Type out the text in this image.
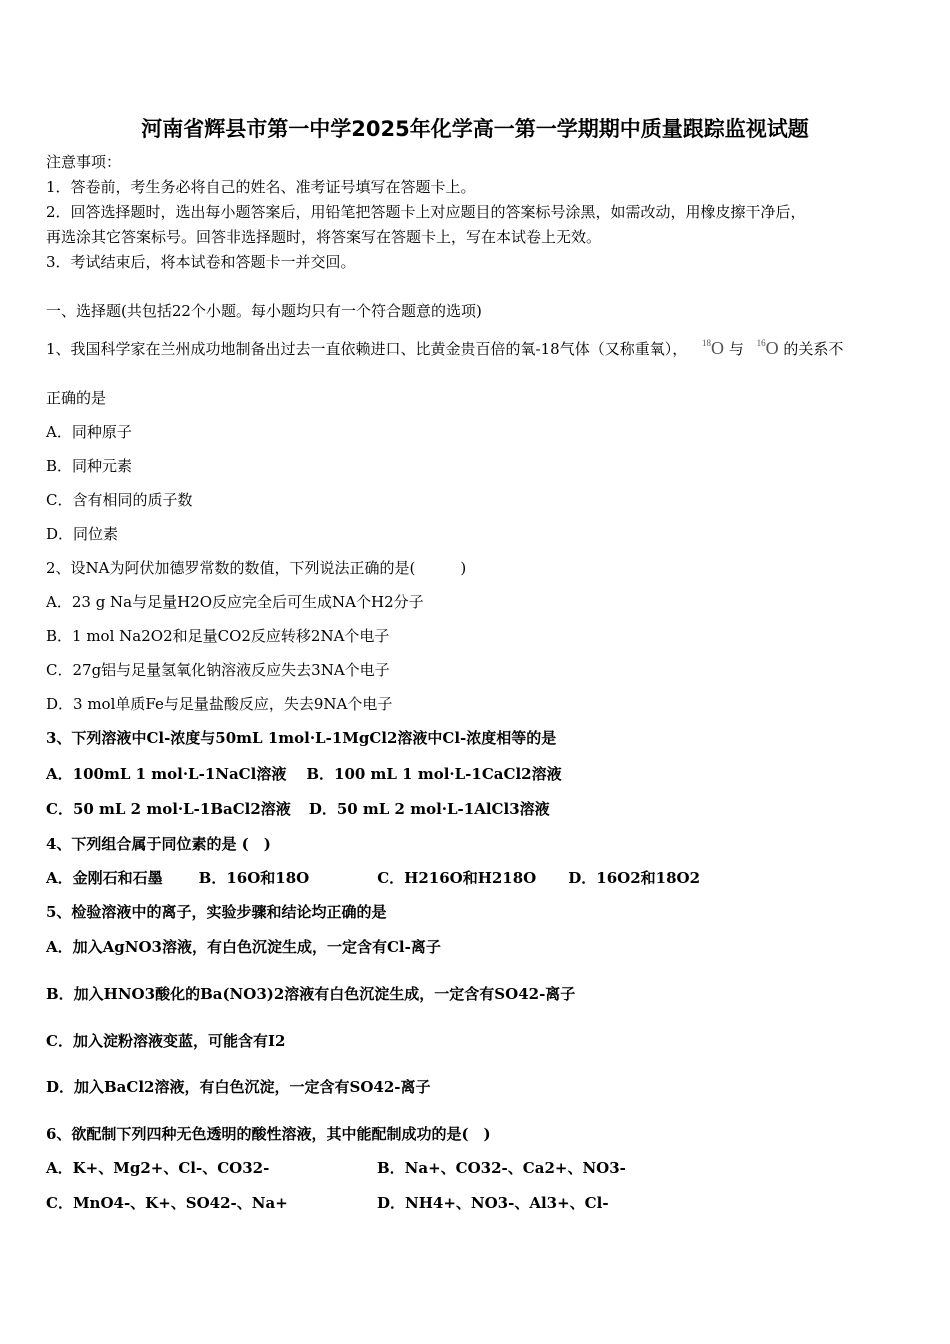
河南省辉县市第一中学2025年化学高一第一学期期中质量跟踪监视试题
注意事项：
1．答卷前，考生务必将自己的姓名、准考证号填写在答题卡上。
2．回答选择题时，选出每小题答案后，用铅笔把答题卡上对应题目的答案标号涂黑，如需改动，用橡皮擦干净后，
再选涂其它答案标号。回答非选择题时，将答案写在答题卡上，写在本试卷上无效。
3．考试结束后，将本试卷和答题卡一并交回。
一、选择题(共包括22个小题。每小题均只有一个符合题意的选项)
1、我国科学家在兰州成功地制备出过去一直依赖进口、比黄金贵百倍的氧-18气体（又称重氧）， $^{18}$O 与 $^{16}$O 的关系不
正确的是
A．同种原子
B．同种元素
C．含有相同的质子数
D．同位素
2、设NA为阿伏加德罗常数的数值，下列说法正确的是(　　　)
A．23 g Na与足量H2O反应完全后可生成NA个H2分子
B．1 mol Na2O2和足量CO2反应转移2NA个电子
C．27g铝与足量氢氧化钠溶液反应失去3NA个电子
D．3 mol单质Fe与足量盐酸反应，失去9NA个电子
3、下列溶液中Cl-浓度与50mL 1mol·L-1MgCl2溶液中Cl-浓度相等的是
A．100mL 1 mol·L-1NaCl溶液 B．100 mL 1 mol·L-1CaCl2溶液
C．50 mL 2 mol·L-1BaCl2溶液 D．50 mL 2 mol·L-1AlCl3溶液
4、下列组合属于同位素的是 (　)
A．金刚石和石墨 B．16O和18O	C．H216O和H218O D．16O2和18O2
5、检验溶液中的离子，实验步骤和结论均正确的是
A．加入AgNO3溶液，有白色沉淀生成，一定含有Cl-离子
B．加入HNO3酸化的Ba(NO3)2溶液有白色沉淀生成，一定含有SO42-离子
C．加入淀粉溶液变蓝，可能含有I2
D．加入BaCl2溶液，有白色沉淀，一定含有SO42-离子
6、欲配制下列四种无色透明的酸性溶液，其中能配制成功的是(　)
A．K+、Mg2+、Cl-、CO32-	B．Na+、CO32-、Ca2+、NO3-
C．MnO4-、K+、SO42-、Na+	D．NH4+、NO3-、Al3+、Cl-
